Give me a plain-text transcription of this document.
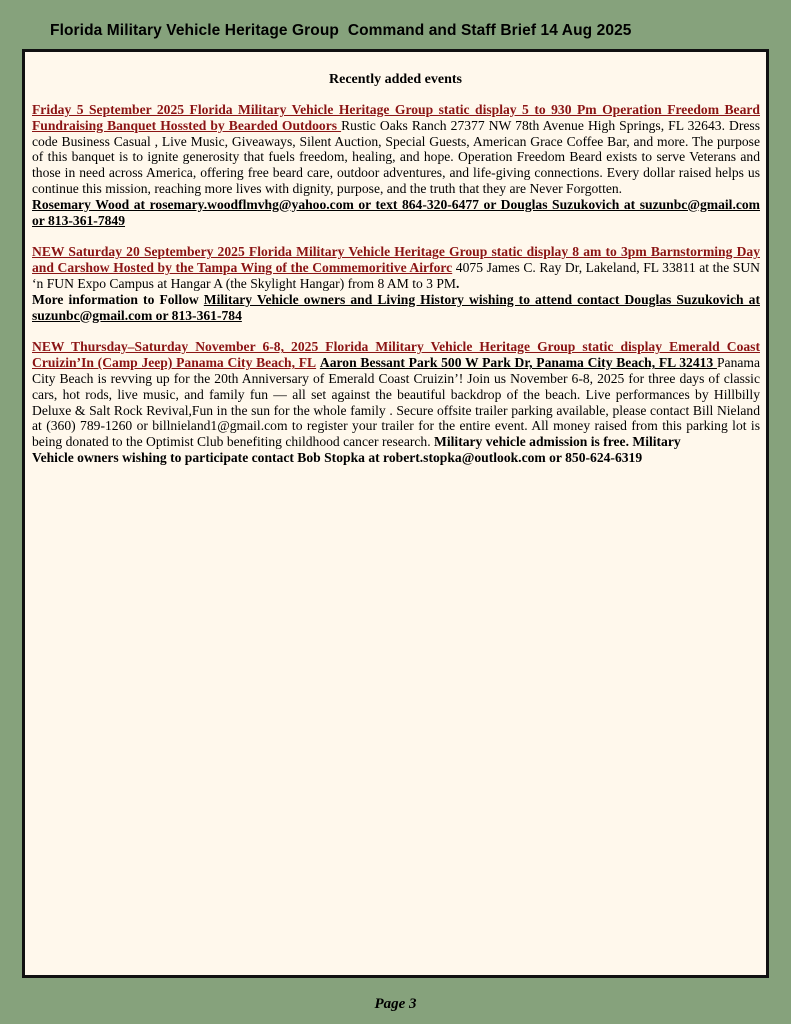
Florida Military Vehicle Heritage Group  Command and Staff Brief 14 Aug 2025
Recently added events
Friday 5 September 2025 Florida Military Vehicle Heritage Group static display 5 to 930 Pm Operation Freedom Beard Fundraising Banquet Hossted by Bearded Outdoors Rustic Oaks Ranch 27377 NW 78th Avenue High Springs, FL 32643. Dress code Business Casual , Live Music, Giveaways, Silent Auction, Special Guests, American Grace Coffee Bar, and more. The purpose of this banquet is to ignite generosity that fuels freedom, healing, and hope. Operation Freedom Beard exists to serve Veterans and those in need across America, offering free beard care, outdoor adventures, and life-giving connections. Every dollar raised helps us continue this mission, reaching more lives with dignity, purpose, and the truth that they are Never Forgotten.
Rosemary Wood at rosemary.woodflmvhg@yahoo.com or text 864-320-6477 or Douglas Suzukovich at suzunbc@gmail.com or 813-361-7849
NEW Saturday 20 Septembery 2025 Florida Military Vehicle Heritage Group static display 8 am to 3pm Barnstorming Day and Carshow Hosted by the Tampa Wing of the Commemoritive Airforc 4075 James C. Ray Dr, Lakeland, FL 33811 at the SUN ‘n FUN Expo Campus at Hangar A (the Skylight Hangar) from 8 AM to 3 PM.
More information to Follow Military Vehicle owners and Living History wishing to attend contact Douglas Suzukovich at suzunbc@gmail.com or 813-361-784
NEW Thursday–Saturday November 6-8, 2025 Florida Military Vehicle Heritage Group static display Emerald Coast Cruizin’In (Camp Jeep) Panama City Beach, FL Aaron Bessant Park 500 W Park Dr, Panama City Beach, FL 32413 Panama City Beach is revving up for the 20th Anniversary of Emerald Coast Cruizin’! Join us November 6-8, 2025 for three days of classic cars, hot rods, live music, and family fun — all set against the beautiful backdrop of the beach. Live performances by Hillbilly Deluxe & Salt Rock Revival,Fun in the sun for the whole family . Secure offsite trailer parking available, please contact Bill Nieland at (360) 789-1260 or billnieland1@gmail.com to register your trailer for the entire event. All money raised from this parking lot is being donated to the Optimist Club benefiting childhood cancer research. Military vehicle admission is free. Military
Vehicle owners wishing to participate contact Bob Stopka at robert.stopka@outlook.com or 850-624-6319
Page 3
